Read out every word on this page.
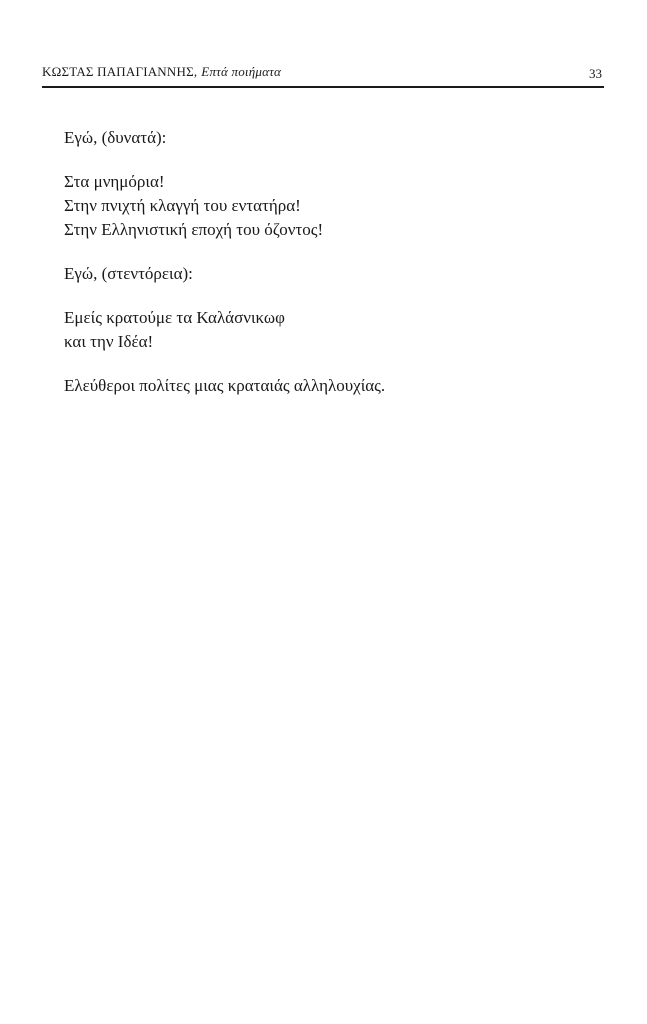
ΚΩΣΤΑΣ ΠΑΠΑΓΙΑΝΝΗΣ, Επτά ποιήματα	33
Εγώ, (δυνατά):
Στα μνημόρια!
Στην πνιχτή κλαγγή του εντατήρα!
Στην Ελληνιστική εποχή του όζοντος!
Εγώ, (στεντόρεια):
Εμείς κρατούμε τα Καλάσνικωφ
και την Ιδέα!
Ελεύθεροι πολίτες μιας κραταιάς αλληλουχίας.
